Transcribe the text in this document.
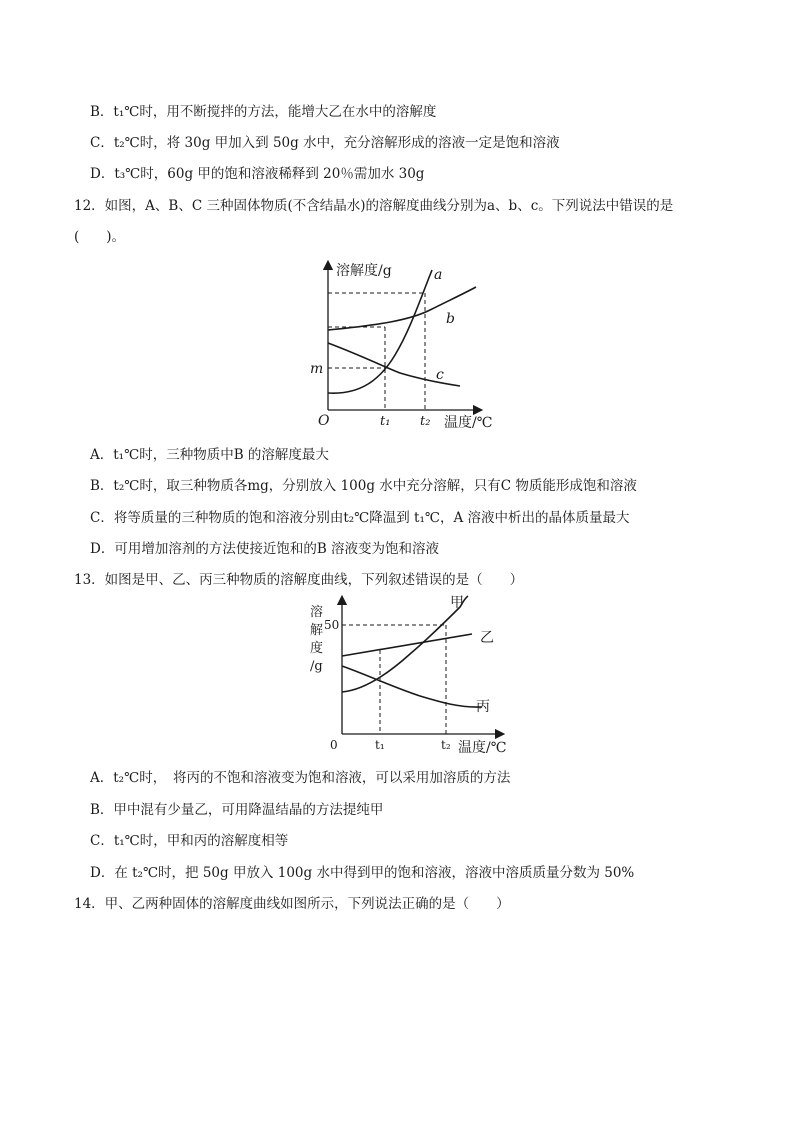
B．t₁℃时，用不断搅拌的方法，能增大乙在水中的溶解度
C．t₂℃时，将 30g 甲加入到 50g 水中，充分溶解形成的溶液一定是饱和溶液
D．t₃℃时，60g 甲的饱和溶液稀释到 20％需加水 30g
12．如图，A、B、C 三种固体物质(不含结晶水)的溶解度曲线分别为a、b、c。下列说法中错误的是
(　　)。
溶解度/g
温度/℃
O
m
t₁ t₂
a
b
c
A．t₁℃时，三种物质中B 的溶解度最大
B．t₂℃时，取三种物质各mg，分别放入 100g 水中充分溶解，只有C 物质能形成饱和溶液
C．将等质量的三种物质的饱和溶液分别由t₂℃降温到 t₁℃，A 溶液中析出的晶体质量最大
D．可用增加溶剂的方法使接近饱和的B 溶液变为饱和溶液
13．如图是甲、乙、丙三种物质的溶解度曲线，下列叙述错误的是（　　）
溶
解
度
/g
50
0	t₁	t₂ 温度/℃
甲
乙
丙
A．t₂℃时，　将丙的不饱和溶液变为饱和溶液，可以采用加溶质的方法
B．甲中混有少量乙，可用降温结晶的方法提纯甲
C．t₁℃时，甲和丙的溶解度相等
D．在 t₂℃时，把 50g 甲放入 100g 水中得到甲的饱和溶液，溶液中溶质质量分数为 50%
14．甲、乙两种固体的溶解度曲线如图所示，下列说法正确的是（　　）
